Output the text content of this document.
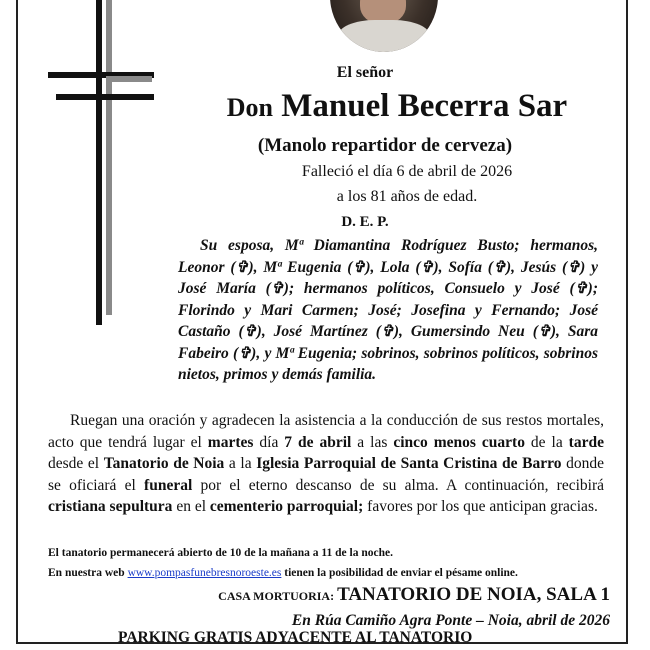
El señor
Don Manuel Becerra Sar
(Manolo repartidor de cerveza)
Falleció el día 6 de abril de 2026
a los 81 años de edad.
D. E. P.
Su esposa, Mª Diamantina Rodríguez Busto; hermanos, Leonor (✞), Mª Eugenia (✞), Lola (✞), Sofía (✞), Jesús (✞) y José María (✞); hermanos políticos, Consuelo y José (✞); Florindo y Mari Carmen; José; Josefina y Fernando; José Castaño (✞), José Martínez (✞), Gumersindo Neu (✞), Sara Fabeiro (✞), y Mª Eugenia; sobrinos, sobrinos políticos, sobrinos nietos, primos y demás familia.

Ruegan una oración y agradecen la asistencia a la conducción de sus restos mortales, acto que tendrá lugar el martes día 7 de abril a las cinco menos cuarto de la tarde desde el Tanatorio de Noia a la Iglesia Parroquial de Santa Cristina de Barro donde se oficiará el funeral por el eterno descanso de su alma. A continuación, recibirá cristiana sepultura en el cementerio parroquial; favores por los que anticipan gracias.

El tanatorio permanecerá abierto de 10 de la mañana a 11 de la noche.
En nuestra web www.pompasfunebresnoroeste.es tienen la posibilidad de enviar el pésame online.
CASA MORTUORIA: TANATORIO DE NOIA, SALA 1
En Rúa Camiño Agra Ponte – Noia, abril de 2026
PARKING GRATIS ADYACENTE AL TANATORIO
